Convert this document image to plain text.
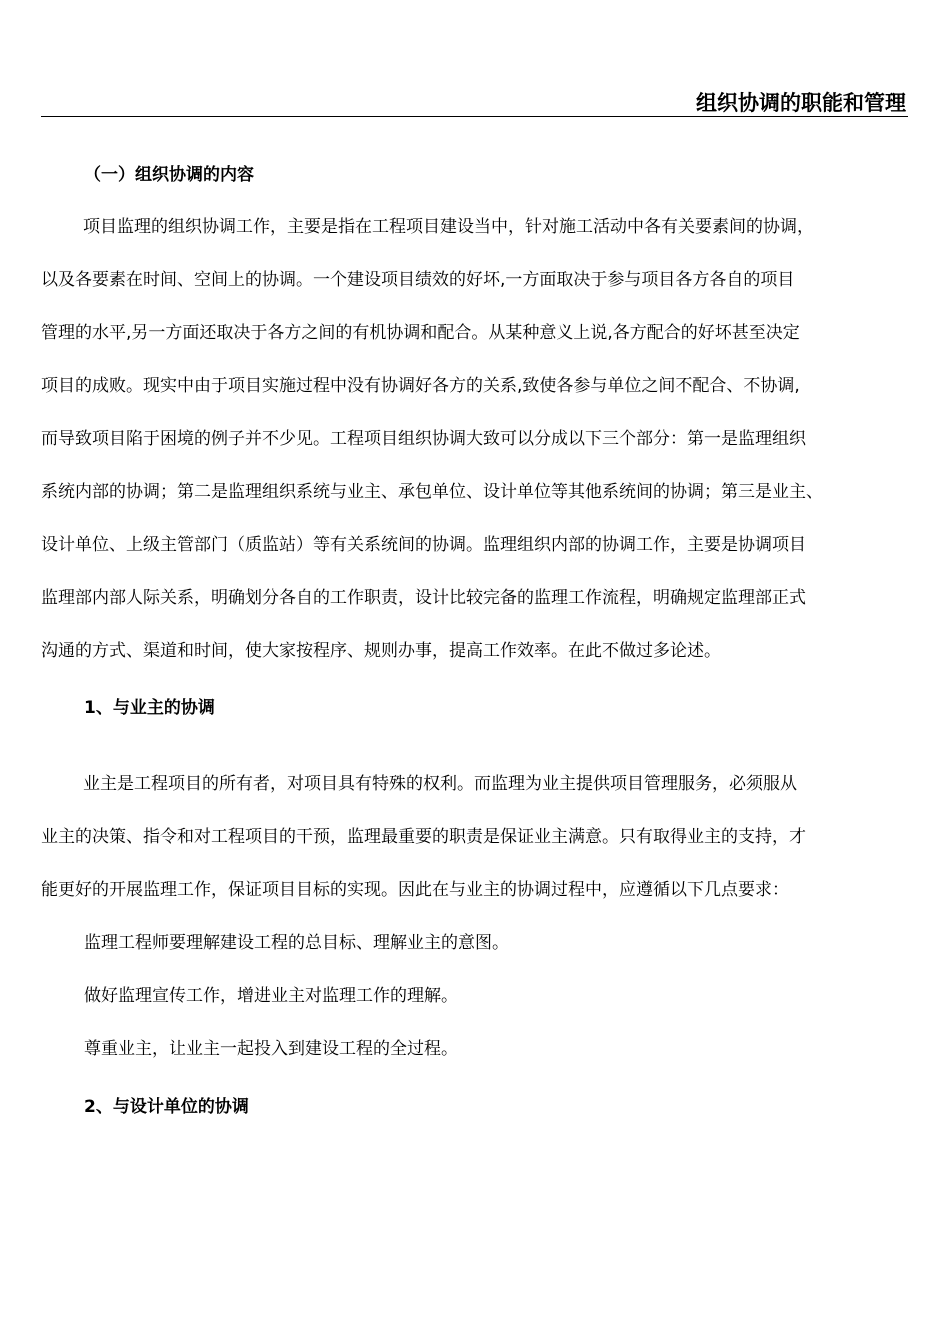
组织协调的职能和管理
（一）组织协调的内容
项目监理的组织协调工作，主要是指在工程项目建设当中，针对施工活动中各有关要素间的协调，
以及各要素在时间、空间上的协调。一个建设项目绩效的好坏,一方面取决于参与项目各方各自的项目
管理的水平,另一方面还取决于各方之间的有机协调和配合。从某种意义上说,各方配合的好坏甚至决定
项目的成败。现实中由于项目实施过程中没有协调好各方的关系,致使各参与单位之间不配合、不协调,
而导致项目陷于困境的例子并不少见。工程项目组织协调大致可以分成以下三个部分：第一是监理组织
系统内部的协调；第二是监理组织系统与业主、承包单位、设计单位等其他系统间的协调；第三是业主、
设计单位、上级主管部门（质监站）等有关系统间的协调。监理组织内部的协调工作，主要是协调项目
监理部内部人际关系，明确划分各自的工作职责，设计比较完备的监理工作流程，明确规定监理部正式
沟通的方式、渠道和时间，使大家按程序、规则办事，提高工作效率。在此不做过多论述。
1、与业主的协调
业主是工程项目的所有者，对项目具有特殊的权利。而监理为业主提供项目管理服务，必须服从
业主的决策、指令和对工程项目的干预，监理最重要的职责是保证业主满意。只有取得业主的支持，才
能更好的开展监理工作，保证项目目标的实现。因此在与业主的协调过程中，应遵循以下几点要求：
监理工程师要理解建设工程的总目标、理解业主的意图。
做好监理宣传工作，增进业主对监理工作的理解。
尊重业主，让业主一起投入到建设工程的全过程。
2、与设计单位的协调
